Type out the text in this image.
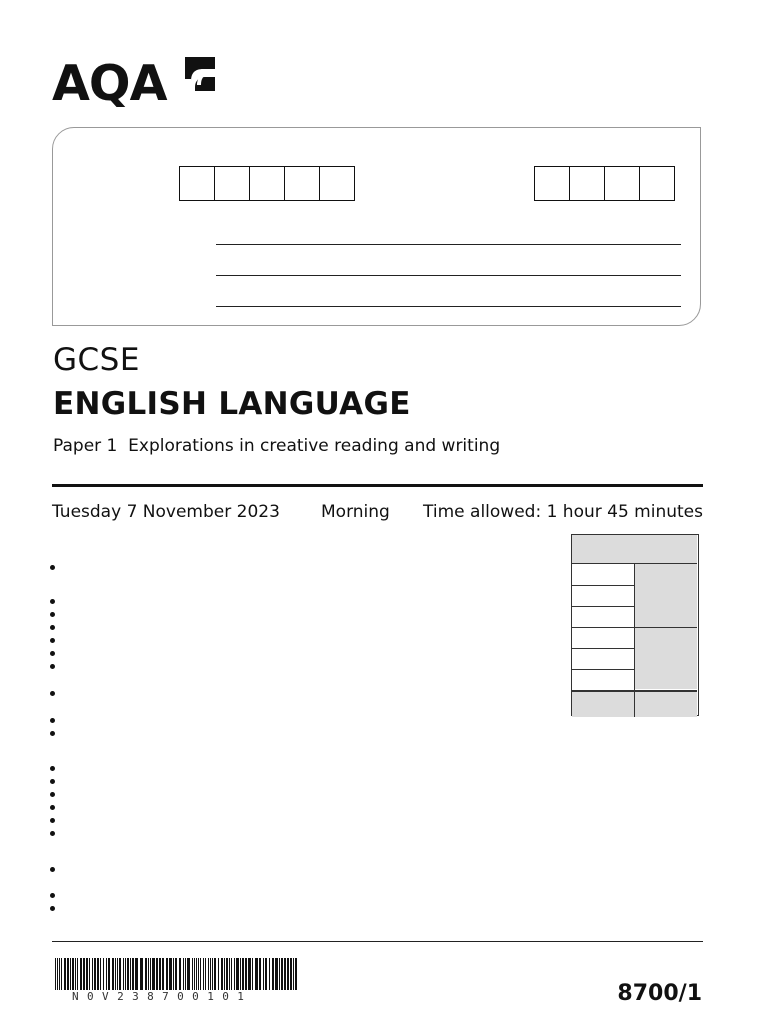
AQA
GCSE
ENGLISH LANGUAGE
Paper 1  Explorations in creative reading and writing
Tuesday 7 November 2023 Morning Time allowed: 1 hour 45 minutes
N0V238700101	8700/1
